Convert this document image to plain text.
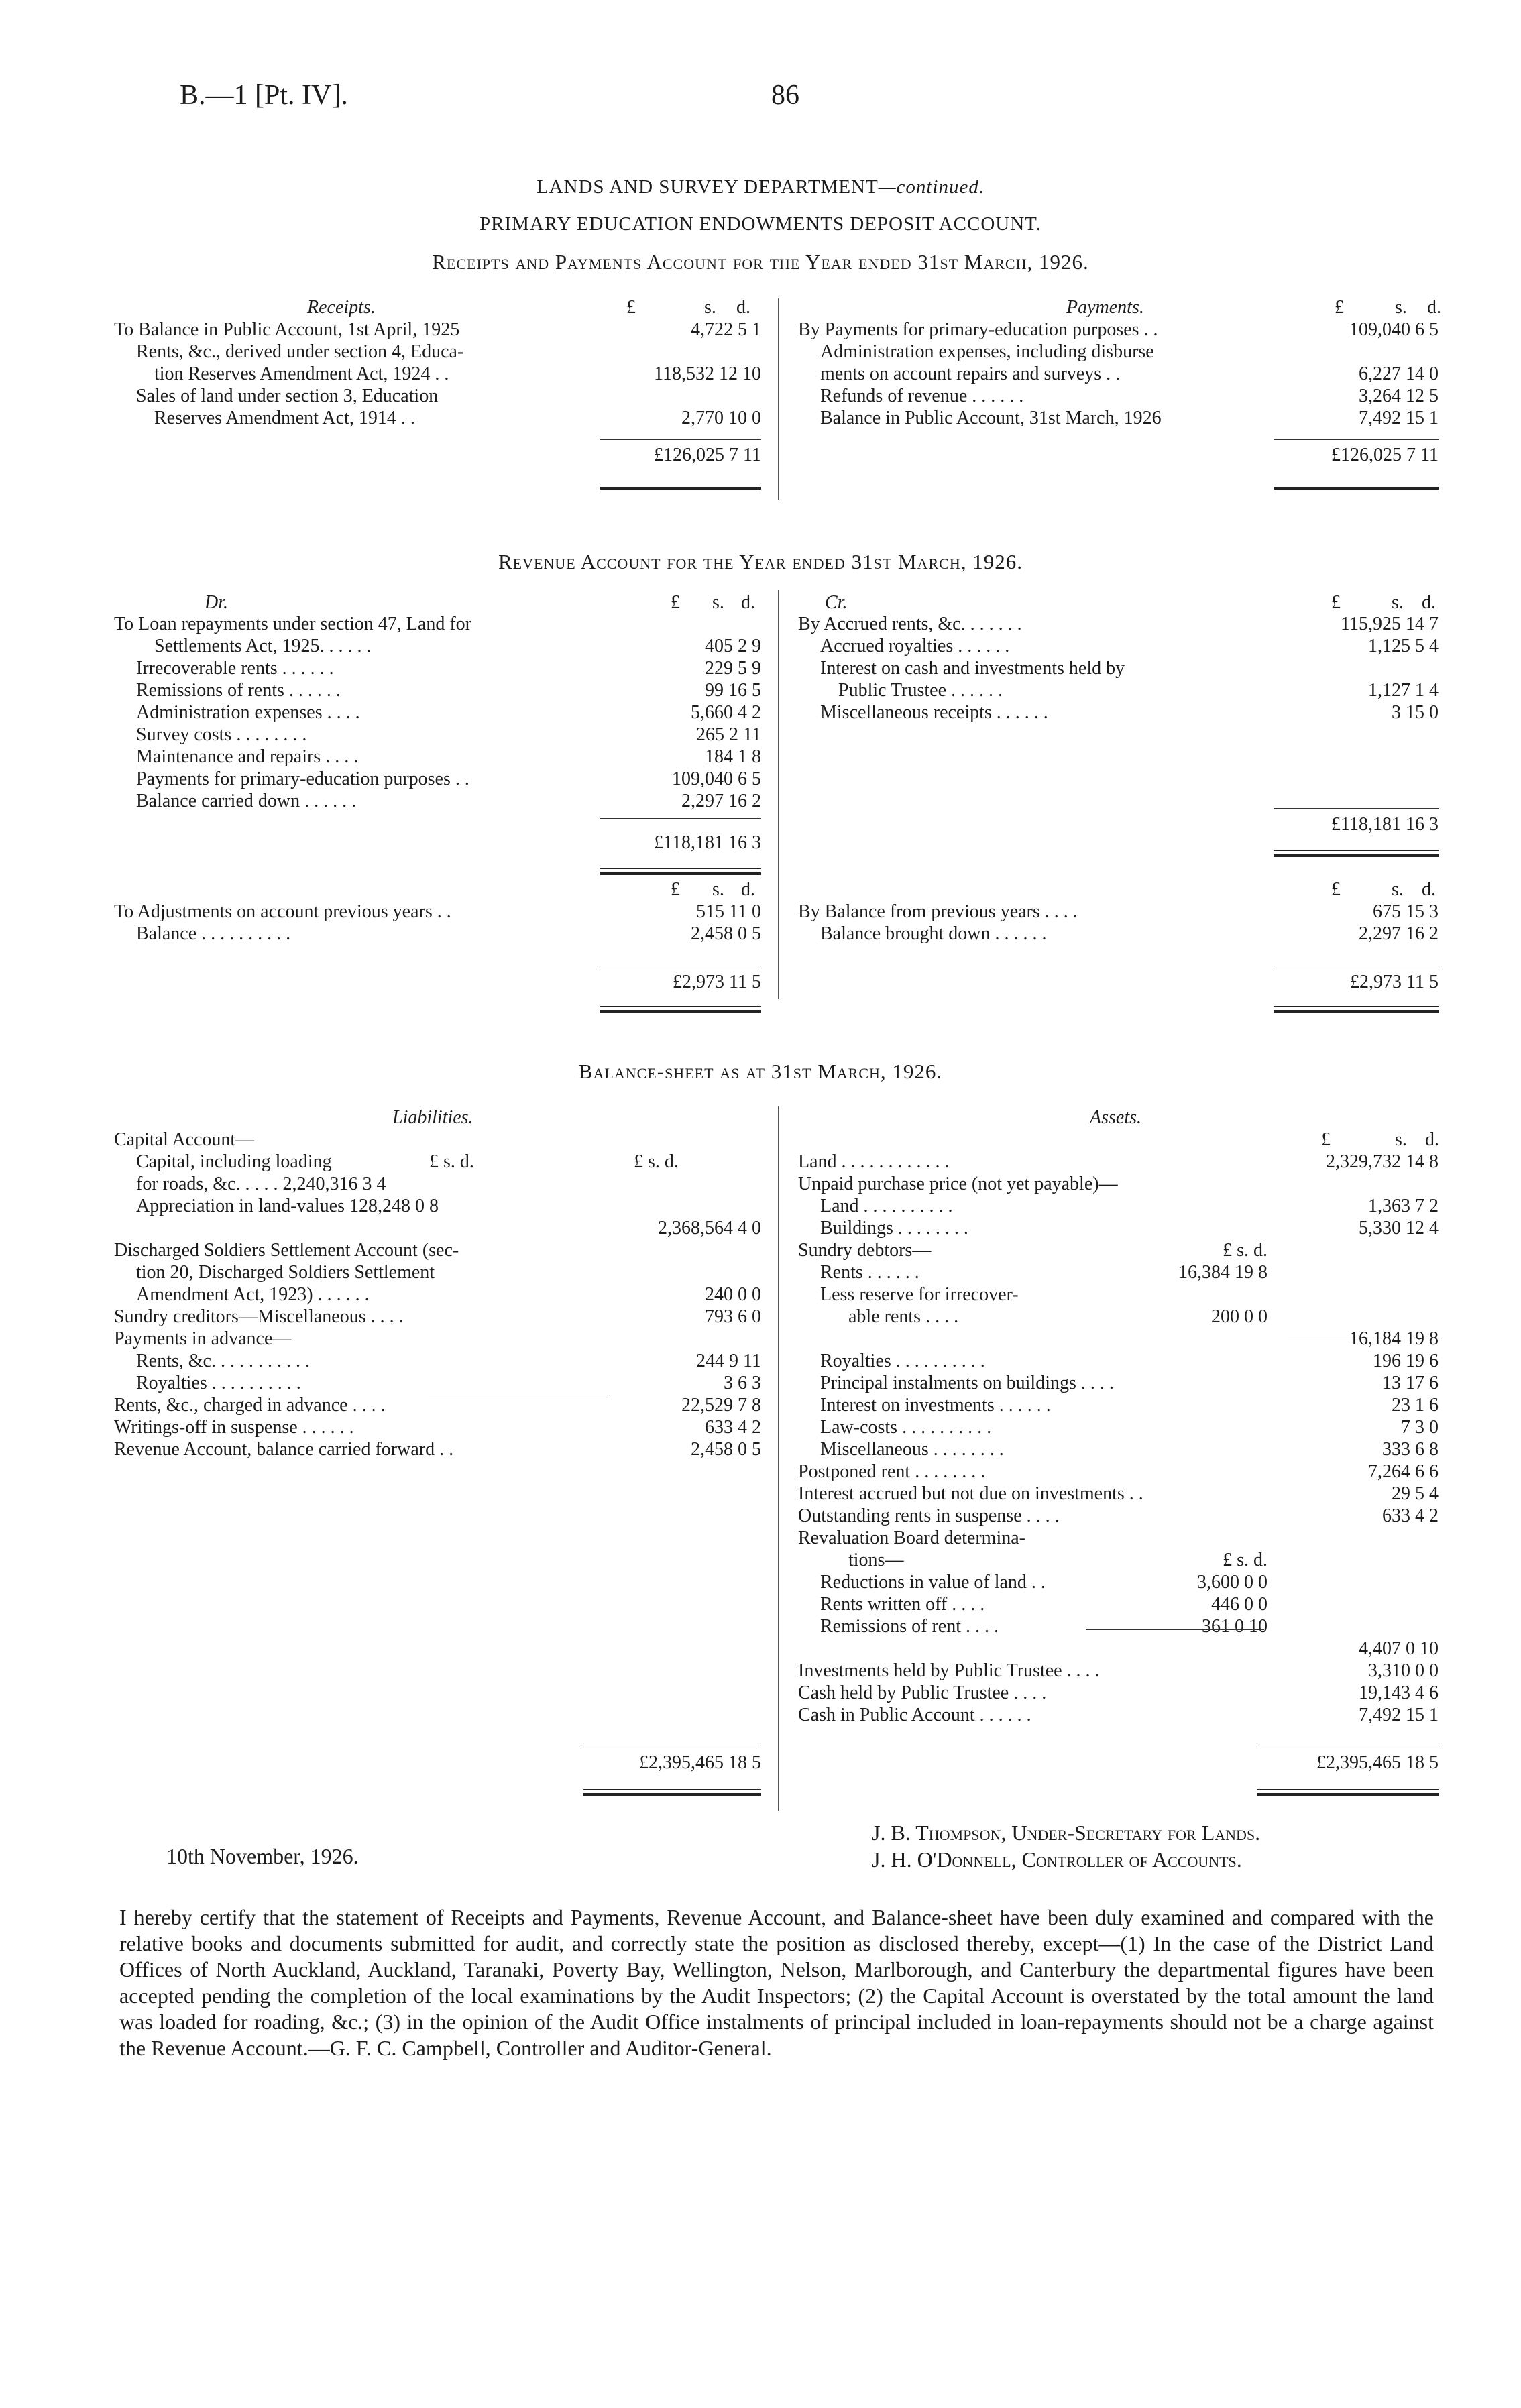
B.—1 [Pt. IV].	86
LANDS AND SURVEY DEPARTMENT—continued.
PRIMARY EDUCATION ENDOWMENTS DEPOSIT ACCOUNT.
Receipts and Payments Account for the Year ended 31st March, 1926.
Receipts.	£	s. d.	Payments.	£	s. d.
To Balance in Public Account, 1st April, 1925	4,722 5 1
Rents, &c., derived under section 4, Educa-
tion Reserves Amendment Act, 1924 . .	118,532 12 10
Sales of land under section 3, Education
Reserves Amendment Act, 1914 . .	2,770 10 0
By Payments for primary-education purposes . .	109,040 6 5
Administration expenses, including disburse
ments on account repairs and surveys . .	6,227 14 0
Refunds of revenue . . . . . .	3,264 12 5
Balance in Public Account, 31st March, 1926	7,492 15 1
£126,025 7 11	£126,025 7 11
Revenue Account for the Year ended 31st March, 1926.
Dr.	£ s. d.	Cr.	£	s. d.
To Loan repayments under section 47, Land for
Settlements Act, 1925. . . . . .	405 2 9
Irrecoverable rents . . . . . .	229 5 9
Remissions of rents . . . . . .	99 16 5
Administration expenses . . . .	5,660 4 2
Survey costs . . . . . . . .	265 2 11
Maintenance and repairs . . . .	184 1 8
Payments for primary-education purposes . .	109,040 6 5
Balance carried down . . . . . .	2,297 16 2
By Accrued rents, &c. . . . . . .	115,925 14 7
Accrued royalties . . . . . .	1,125 5 4
Interest on cash and investments held by
Public Trustee . . . . . .	1,127 1 4
Miscellaneous receipts . . . . . .	3 15 0
£118,181 16 3
£118,181 16 3
£ s. d.	£	s. d.
To Adjustments on account previous years . .	515 11 0
Balance . . . . . . . . . .	2,458 0 5
By Balance from previous years . . . .	675 15 3
Balance brought down . . . . . .	2,297 16 2
£2,973 11 5	£2,973 11 5
Balance-sheet as at 31st March, 1926.
Liabilities.	Assets.
£	s. d.
Capital Account—
Capital, including loading	£ s. d.	£ s. d.
for roads, &c. . . . . 2,240,316 3 4
Appreciation in land-values 128,248 0 8
2,368,564 4 0
Discharged Soldiers Settlement Account (sec-
tion 20, Discharged Soldiers Settlement
Amendment Act, 1923) . . . . . .	240 0 0
Sundry creditors—Miscellaneous . . . .	793 6 0
Payments in advance—
Rents, &c. . . . . . . . . . .	244 9 11
Royalties . . . . . . . . . .	3 6 3
Rents, &c., charged in advance . . . .	22,529 7 8
Writings-off in suspense . . . . . .	633 4 2
Revenue Account, balance carried forward . .	2,458 0 5
Land . . . . . . . . . . . .	2,329,732 14 8
Unpaid purchase price (not yet payable)—
Land . . . . . . . . . .	1,363 7 2
Buildings . . . . . . . .	5,330 12 4
Sundry debtors—	£ s. d.
Rents . . . . . .	16,384 19 8
Less reserve for irrecover-
able rents . . . .	200 0 0
16,184 19 8
Royalties . . . . . . . . . .	196 19 6
Principal instalments on buildings . . . .	13 17 6
Interest on investments . . . . . .	23 1 6
Law-costs . . . . . . . . . .	7 3 0
Miscellaneous . . . . . . . .	333 6 8
Postponed rent . . . . . . . .	7,264 6 6
Interest accrued but not due on investments . .	29 5 4
Outstanding rents in suspense . . . .	633 4 2
Revaluation Board determina-
tions—	£ s. d.
Reductions in value of land . .	3,600 0 0
Rents written off . . . .	446 0 0
Remissions of rent . . . .	361 0 10
4,407 0 10
Investments held by Public Trustee . . . .	3,310 0 0
Cash held by Public Trustee . . . .	19,143 4 6
Cash in Public Account . . . . . .	7,492 15 1
£2,395,465 18 5	£2,395,465 18 5
10th November, 1926.
J. B. Thompson, Under-Secretary for Lands.
J. H. O'Donnell, Controller of Accounts.
I hereby certify that the statement of Receipts and Payments, Revenue Account, and Balance-sheet have been duly examined and compared with the relative books and documents submitted for audit, and correctly state the position as disclosed thereby, except—(1) In the case of the District Land Offices of North Auckland, Auckland, Taranaki, Poverty Bay, Wellington, Nelson, Marlborough, and Canterbury the departmental figures have been accepted pending the completion of the local examinations by the Audit Inspectors; (2) the Capital Account is overstated by the total amount the land was loaded for roading, &c.; (3) in the opinion of the Audit Office instalments of principal included in loan-repayments should not be a charge against the Revenue Account.—G. F. C. Campbell, Controller and Auditor-General.
